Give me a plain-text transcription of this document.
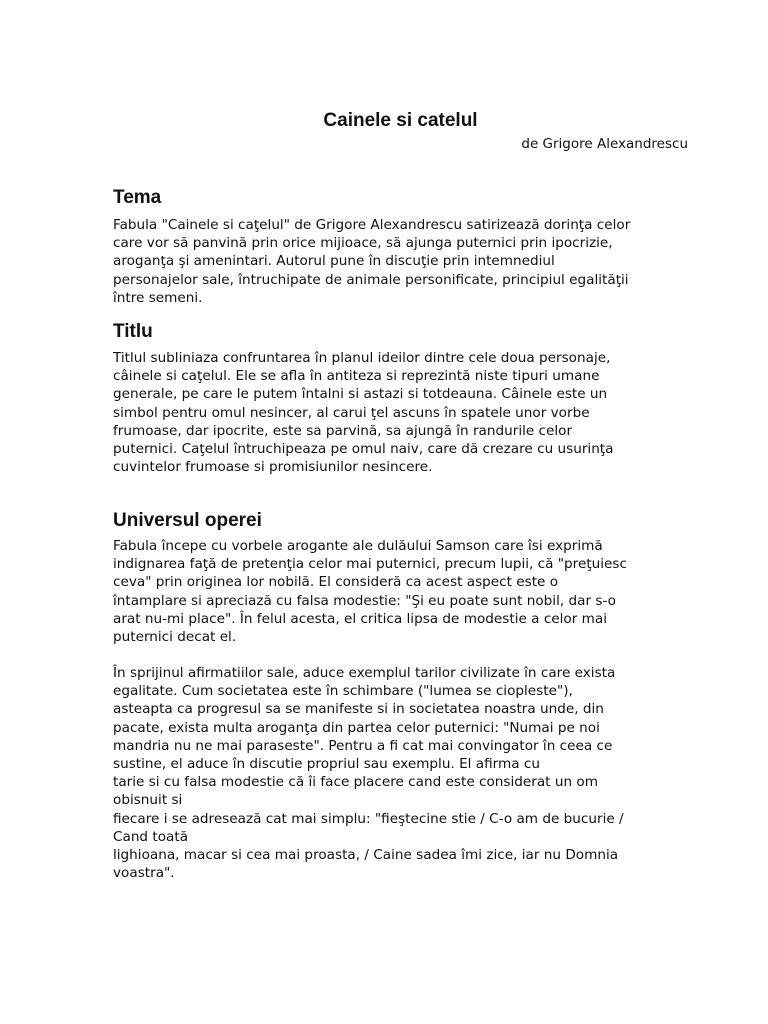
Cainele si catelul

de Grigore Alexandrescu

Tema

Fabula "Cainele si caţelul" de Grigore Alexandrescu satirizează dorinţa celor
care vor să panvină prin orice mijioace, să ajunga puternici prin ipocrizie,
aroganţa şi amenintari. Autorul pune în discuţie prin intemnediul
personajelor sale, întruchipate de animale personificate, principiul egalităţii
între semeni.

Titlu

Titlul subliniaza confruntarea în planul ideilor dintre cele doua personaje,
câinele si caţelul. Ele se afla în antiteza si reprezintă niste tipuri umane
generale, pe care le putem întalni si astazi si totdeauna. Câinele este un
simbol pentru omul nesincer, al carui ţel ascuns în spatele unor vorbe
frumoase, dar ipocrite, este sa parvină, sa ajungă în randurile celor
puternici. Caţelul întruchipeaza pe omul naiv, care dă crezare cu usurinţa
cuvintelor frumoase si promisiunilor nesincere.

Universul operei

Fabula începe cu vorbele arogante ale dulăului Samson care îsi exprimă
indignarea faţă de pretenţia celor mai puternici, precum lupii, că "preţuiesc
ceva" prin originea lor nobilă. El consideră ca acest aspect este o
întamplare si apreciază cu falsa modestie: "Şi eu poate sunt nobil, dar s-o
arat nu-mi place". În felul acesta, el critica lipsa de modestie a celor mai
puternici decat el.

În sprijinul afirmatiilor sale, aduce exemplul tarilor civilizate în care exista
egalitate. Cum societatea este în schimbare ("lumea se ciopleste"),
asteapta ca progresul sa se manifeste si in societatea noastra unde, din
pacate, exista multa aroganţa din partea celor puternici: "Numai pe noi
mandria nu ne mai paraseste". Pentru a fi cat mai convingator în ceea ce
sustine, el aduce în discutie propriul sau exemplu. El afirma cu
tarie si cu falsa modestie că îi face placere cand este considerat un om
obisnuit si
fiecare i se adresează cat mai simplu: "fieştecine stie / C-o am de bucurie /
Cand toată
lighioana, macar si cea mai proasta, / Caine sadea îmi zice, iar nu Domnia
voastra".
